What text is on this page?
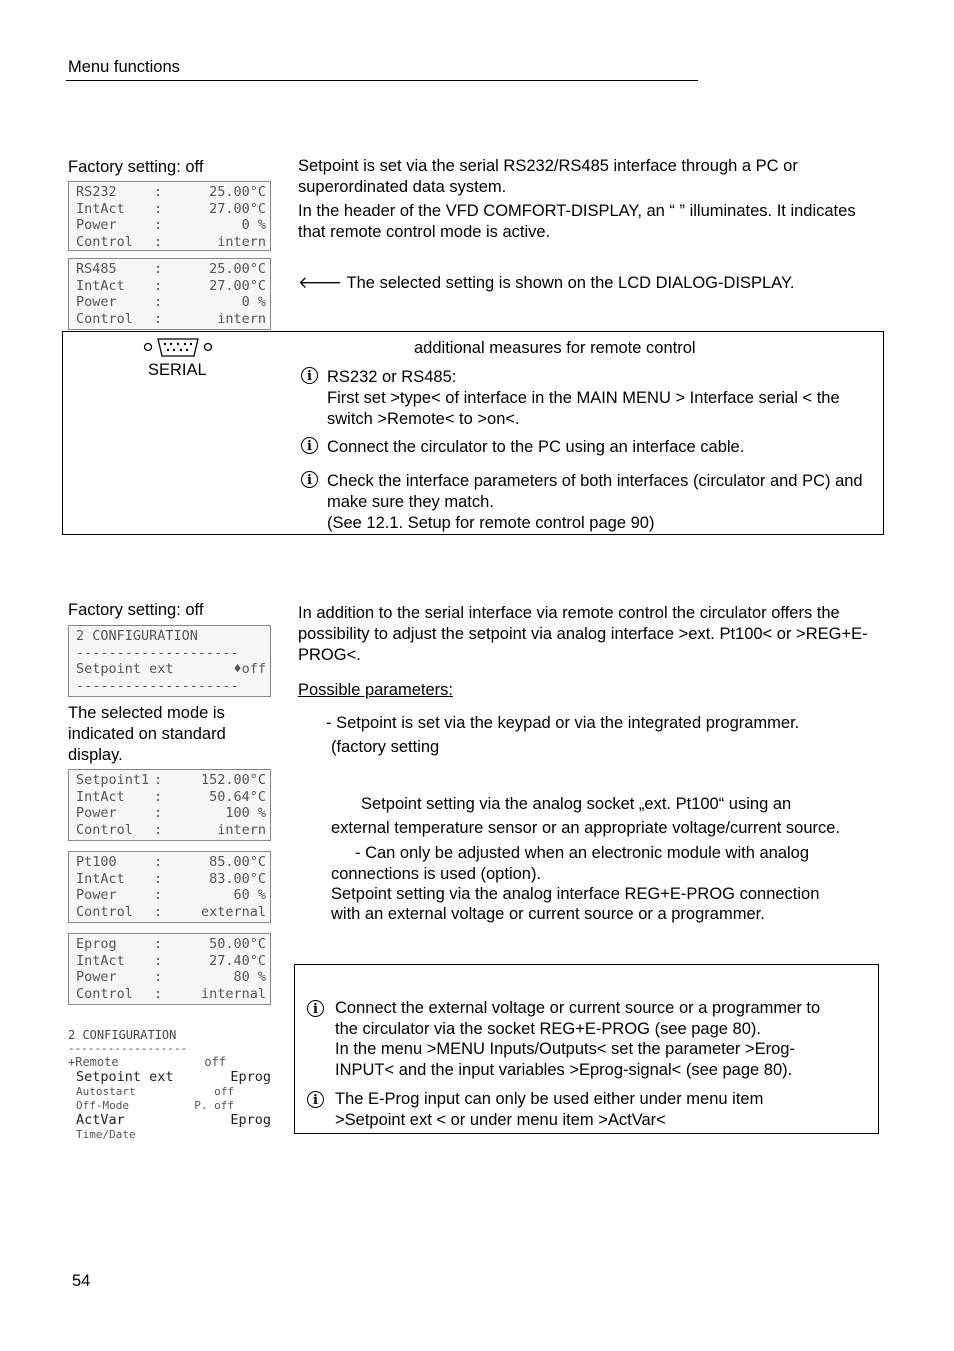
Menu functions
Factory setting: off
RS232	:	25.00°C
IntAct	:	27.00°C
Power	:	0 %
Control	:	intern
RS485	:	25.00°C
IntAct	:	27.00°C
Power	:	0 %
Control	:	intern
Setpoint is set via the serial RS232/RS485 interface through a PC or superordinated data system.
In the header of the VFD COMFORT-DISPLAY, an “ ” illuminates. It indicates that remote control mode is active.
🡐 The selected setting is shown on the LCD DIALOG-DISPLAY.
SERIAL
additional measures for remote control
i RS232 or RS485:
First set >type< of interface in the MAIN MENU > Interface serial < the switch >Remote< to >on<.
i Connect the circulator to the PC using an interface cable.
i Check the interface parameters of both interfaces (circulator and PC) and make sure they match.
(See 12.1. Setup for remote control page 90)
Factory setting: off
2 CONFIGURATION
--------------------
Setpoint ext	♦off
--------------------
The selected mode is indicated on standard display.
Setpoint1 :	152.00°C
IntAct	:	50.64°C
Power	:	100 %
Control	:	intern
Pt100	:	85.00°C
IntAct	:	83.00°C
Power	:	60 %
Control	:	external
Eprog	:	50.00°C
IntAct	:	27.40°C
Power	:	80 %
Control	:	internal
2 CONFIGURATION
------------------
+Remote	off
Setpoint ext	Eprog
Autostart	off
Off-Mode	P. off
ActVar	Eprog
Time/Date
In addition to the serial interface via remote control the circulator offers the possibility to adjust the setpoint via analog interface >ext. Pt100< or >REG+E-PROG<.
Possible parameters:
- Setpoint is set via the keypad or via the integrated programmer.
(factory setting
Setpoint setting via the analog socket „ext. Pt100“ using an
external temperature sensor or an appropriate voltage/current source.
- Can only be adjusted when an electronic module with analog
connections is used (option).
Setpoint setting via the analog interface REG+E-PROG connection
with an external voltage or current source or a programmer.
i	Connect the external voltage or current source or a programmer to
the circulator via the socket REG+E-PROG (see page 80).
In the menu >MENU Inputs/Outputs< set the parameter >Erog-
INPUT< and the input variables >Eprog-signal< (see page 80).
i	The E-Prog input can only be used either under menu item
>Setpoint ext < or under menu item >ActVar<
54
